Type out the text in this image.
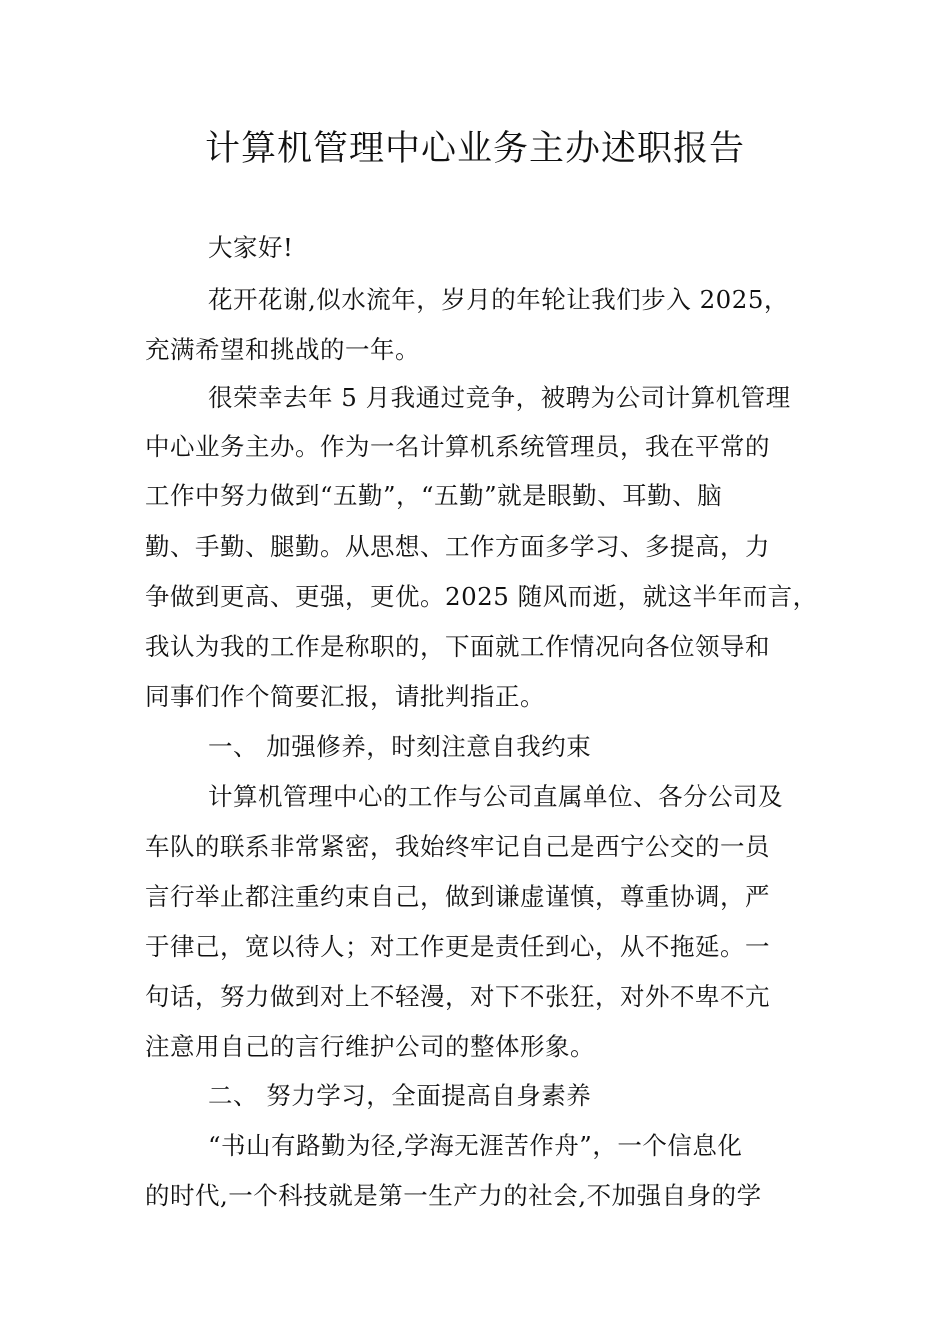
计算机管理中心业务主办述职报告
大家好!
花开花谢,似水流年，岁月的年轮让我们步入 2025，
充满希望和挑战的一年。
很荣幸去年 5 月我通过竞争，被聘为公司计算机管理
中心业务主办。作为一名计算机系统管理员，我在平常的
工作中努力做到“五勤”，“五勤”就是眼勤、耳勤、脑
勤、手勤、腿勤。从思想、工作方面多学习、多提高，力
争做到更高、更强，更优。2025 随风而逝，就这半年而言，
我认为我的工作是称职的，下面就工作情况向各位领导和
同事们作个简要汇报，请批判指正。
一、 加强修养，时刻注意自我约束
计算机管理中心的工作与公司直属单位、各分公司及
车队的联系非常紧密，我始终牢记自己是西宁公交的一员
言行举止都注重约束自己，做到谦虚谨慎，尊重协调，严
于律己，宽以待人；对工作更是责任到心，从不拖延。一
句话，努力做到对上不轻漫，对下不张狂，对外不卑不亢
注意用自己的言行维护公司的整体形象。
二、 努力学习，全面提高自身素养
“书山有路勤为径,学海无涯苦作舟”，一个信息化
的时代,一个科技就是第一生产力的社会,不加强自身的学
